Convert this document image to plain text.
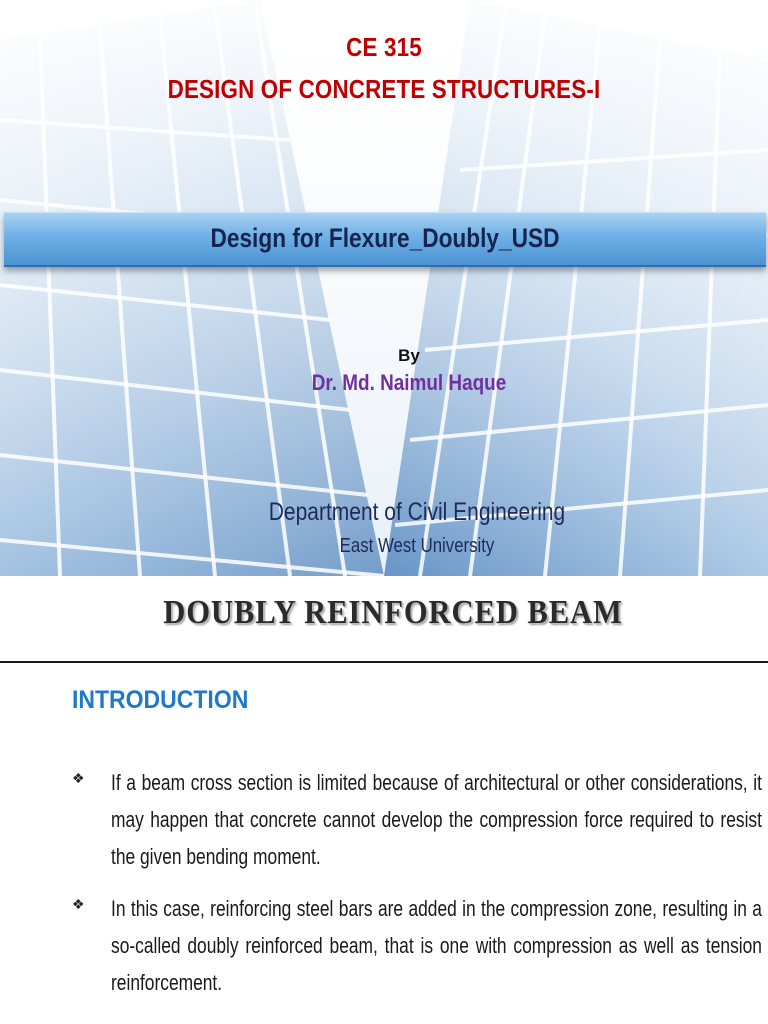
CE 315
DESIGN OF CONCRETE STRUCTURES-I
Design for Flexure_Doubly_USD
By
Dr. Md. Naimul Haque
Department of Civil Engineering
East West University
DOUBLY REINFORCED BEAM
INTRODUCTION
❖ If a beam cross section is limited because of architectural or other considerations, it may happen that concrete cannot develop the compression force required to resist the given bending moment.
❖ In this case, reinforcing steel bars are added in the compression zone, resulting in a so-called doubly reinforced beam, that is one with compression as well as tension reinforcement.
